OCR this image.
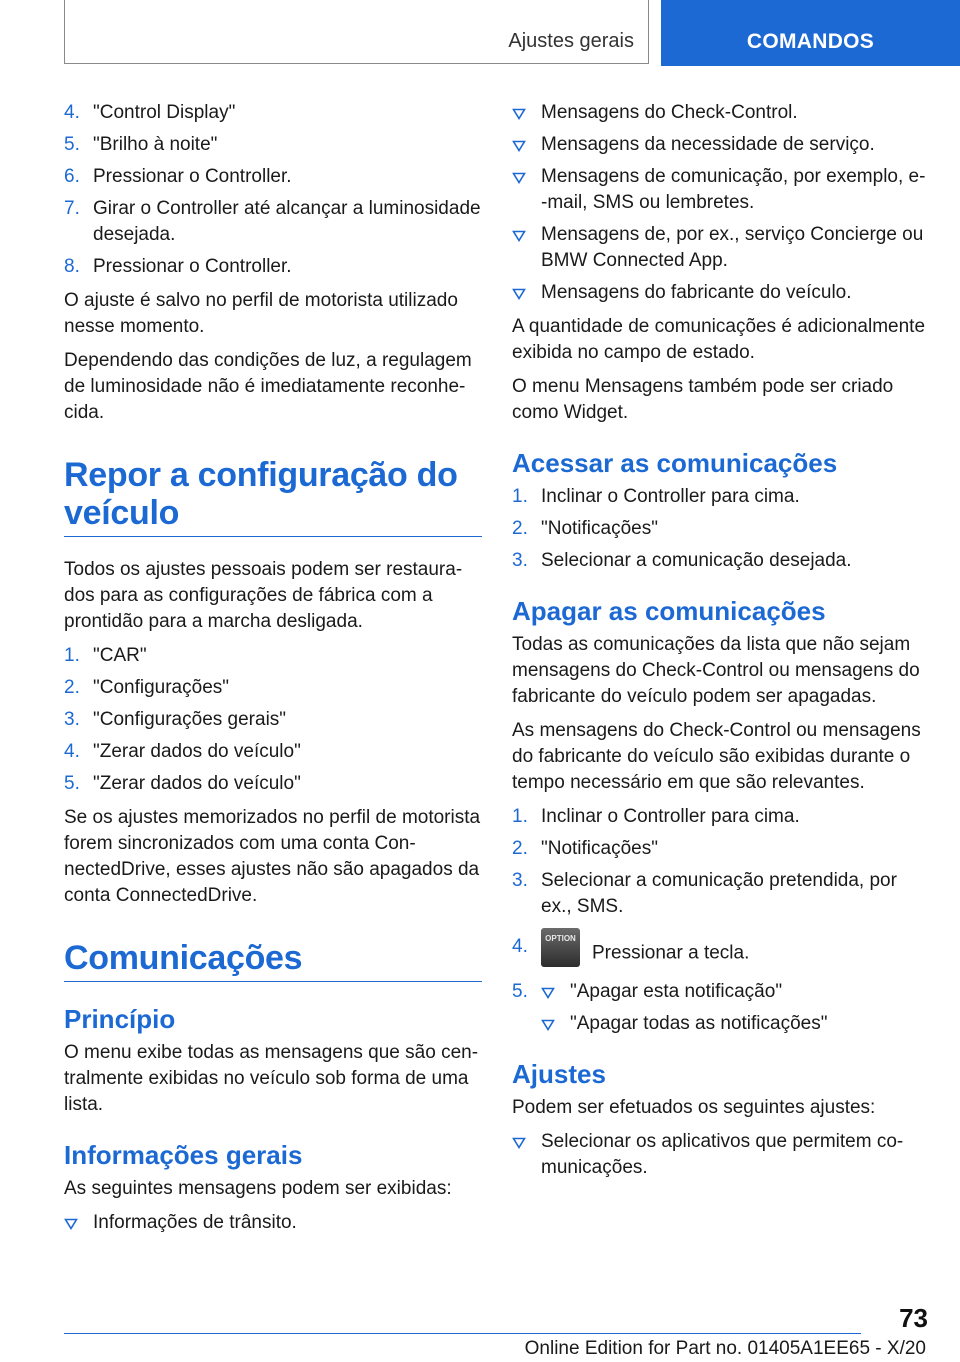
Ajustes gerais	COMANDOS
4. "Control Display"
5. "Brilho à noite"
6. Pressionar o Controller.
7. Girar o Controller até alcançar a luminosidade desejada.
8. Pressionar o Controller.

O ajuste é salvo no perfil de motorista utilizado nesse momento.

Dependendo das condições de luz, a regulagem de luminosidade não é imediatamente reconhecida.

Repor a configuração do veículo

Todos os ajustes pessoais podem ser restaurados para as configurações de fábrica com a prontidão para a marcha desligada.

1. "CAR"
2. "Configurações"
3. "Configurações gerais"
4. "Zerar dados do veículo"
5. "Zerar dados do veículo"

Se os ajustes memorizados no perfil de motorista forem sincronizados com uma conta ConnectedDrive, esses ajustes não são apagados da conta ConnectedDrive.

Comunicações
Princípio

O menu exibe todas as mensagens que são centralmente exibidas no veículo sob forma de uma lista.

Informações gerais

As seguintes mensagens podem ser exibidas:

Informações de trânsito.
Mensagens do Check-Control.
Mensagens da necessidade de serviço.
Mensagens de comunicação, por exemplo, e-‑mail, SMS ou lembretes.
Mensagens de, por ex., serviço Concierge ou BMW Connected App.
Mensagens do fabricante do veículo.

A quantidade de comunicações é adicionalmente exibida no campo de estado.

O menu Mensagens também pode ser criado como Widget.

Acessar as comunicações
1. Inclinar o Controller para cima.
2. "Notificações"
3. Selecionar a comunicação desejada.
Apagar as comunicações

Todas as comunicações da lista que não sejam mensagens do Check-Control ou mensagens do fabricante do veículo podem ser apagadas.

As mensagens do Check-Control ou mensagens do fabricante do veículo são exibidas durante o tempo necessário em que são relevantes.

1. Inclinar o Controller para cima.
2. "Notificações"
3. Selecionar a comunicação pretendida, por ex., SMS.
4. OPTIONPressionar a tecla.
5.	"Apagar esta notificação"
"Apagar todas as notificações"
Ajustes

Podem ser efetuados os seguintes ajustes:

Selecionar os aplicativos que permitem comunicações.
73
Online Edition for Part no. 01405A1EE65 - X/20
